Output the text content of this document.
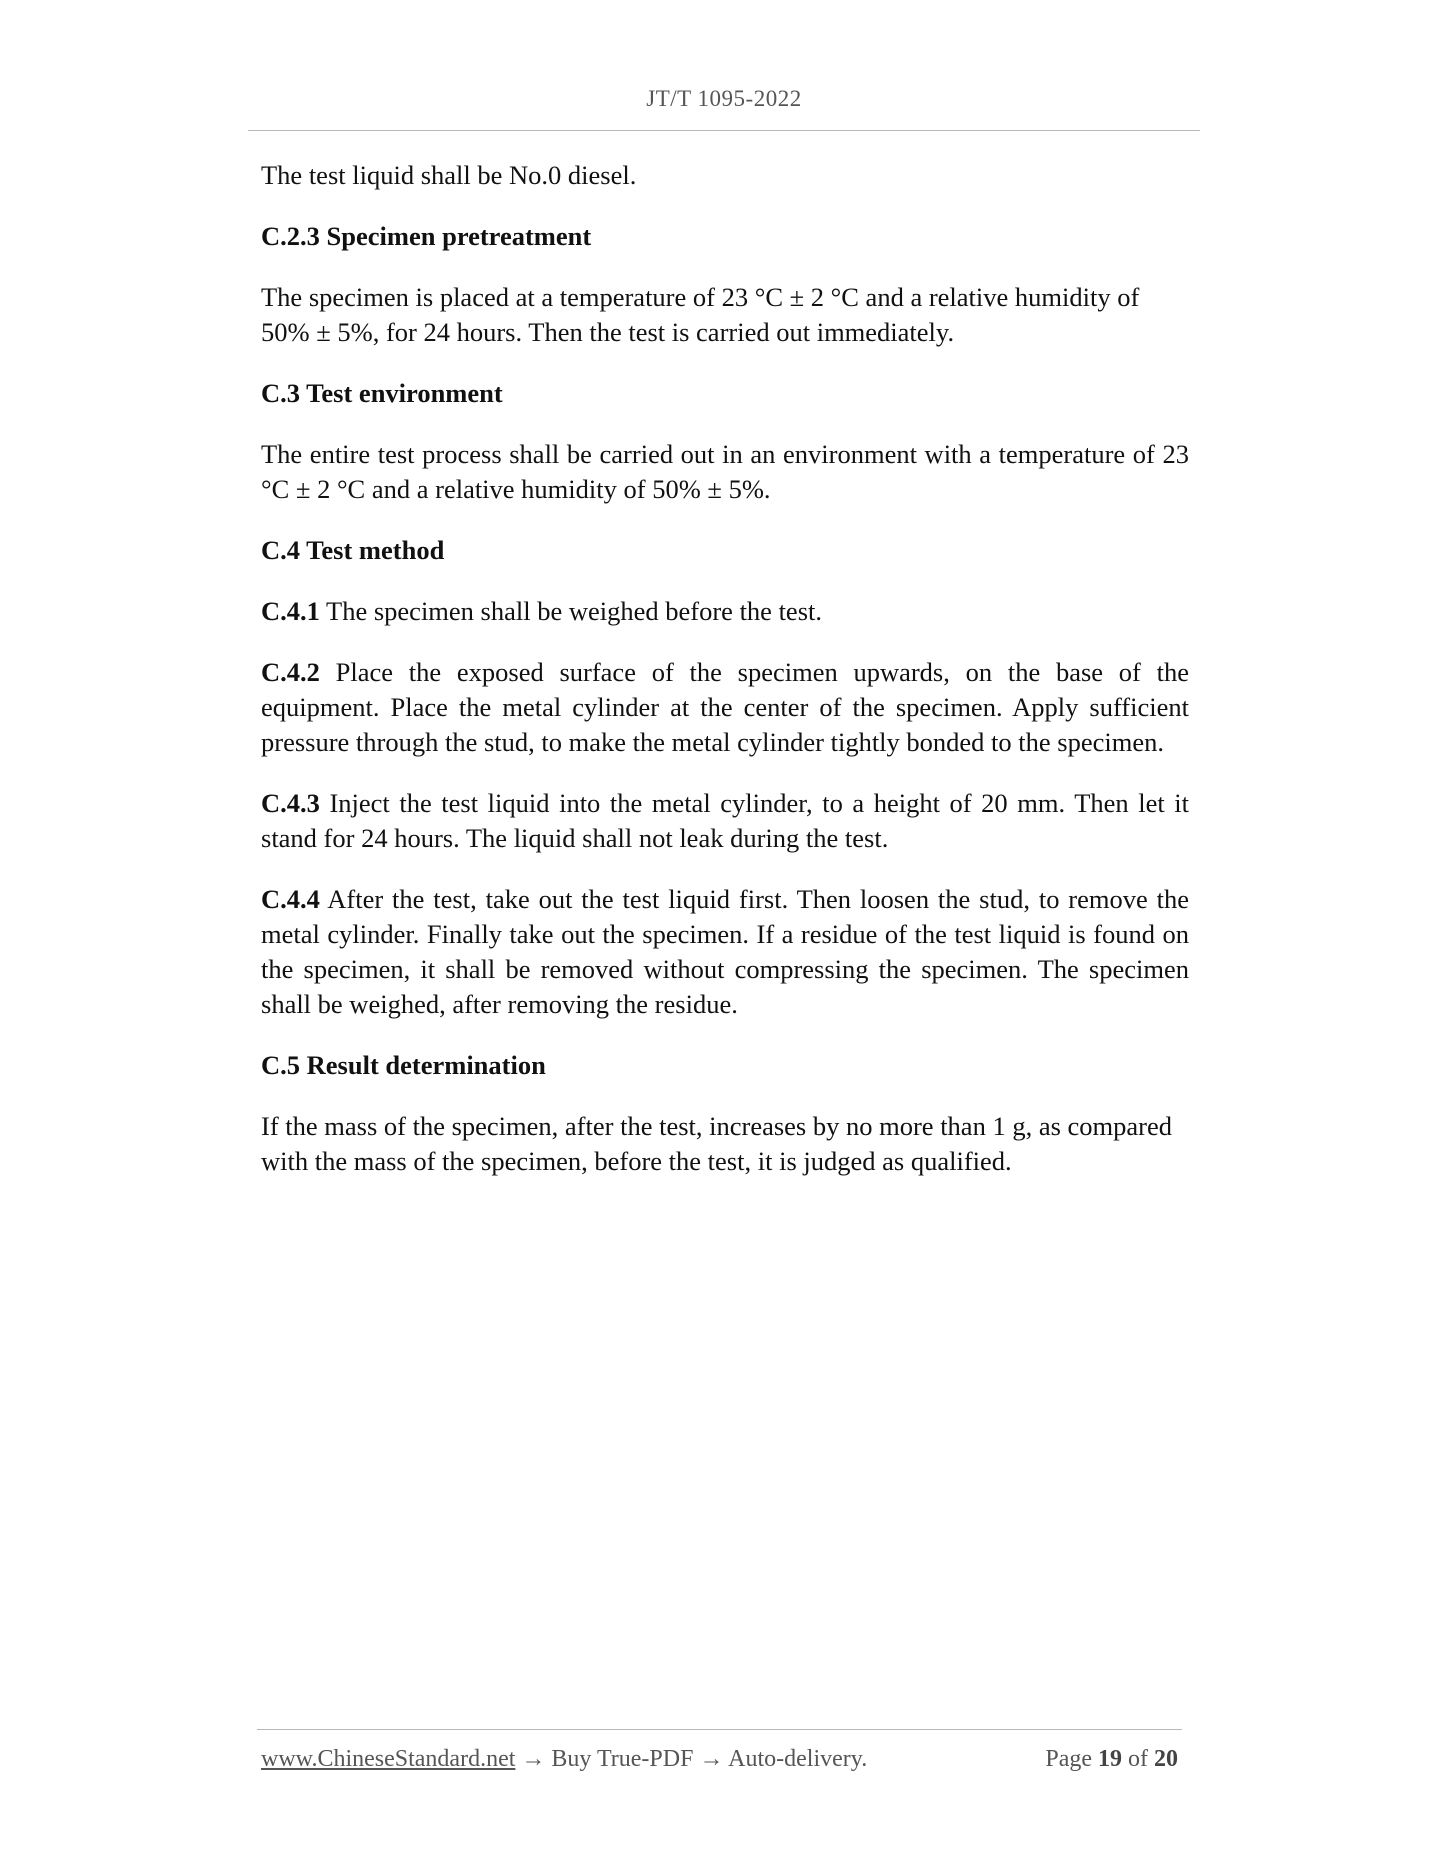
JT/T 1095-2022

The test liquid shall be No.0 diesel.

C.2.3 Specimen pretreatment

The specimen is placed at a temperature of 23 °C ± 2 °C and a relative humidity of 50% ± 5%, for 24 hours. Then the test is carried out immediately.

C.3 Test environment

The entire test process shall be carried out in an environment with a temperature of 23 °C ± 2 °C and a relative humidity of 50% ± 5%.

C.4 Test method

C.4.1 The specimen shall be weighed before the test.

C.4.2 Place the exposed surface of the specimen upwards, on the base of the equipment. Place the metal cylinder at the center of the specimen. Apply sufficient pressure through the stud, to make the metal cylinder tightly bonded to the specimen.

C.4.3 Inject the test liquid into the metal cylinder, to a height of 20 mm. Then let it stand for 24 hours. The liquid shall not leak during the test.

C.4.4 After the test, take out the test liquid first. Then loosen the stud, to remove the metal cylinder. Finally take out the specimen. If a residue of the test liquid is found on the specimen, it shall be removed without compressing the specimen. The specimen shall be weighed, after removing the residue.

C.5 Result determination

If the mass of the specimen, after the test, increases by no more than 1 g, as compared with the mass of the specimen, before the test, it is judged as qualified.

www.ChineseStandard.net → Buy True-PDF → Auto-delivery.	Page 19 of 20
